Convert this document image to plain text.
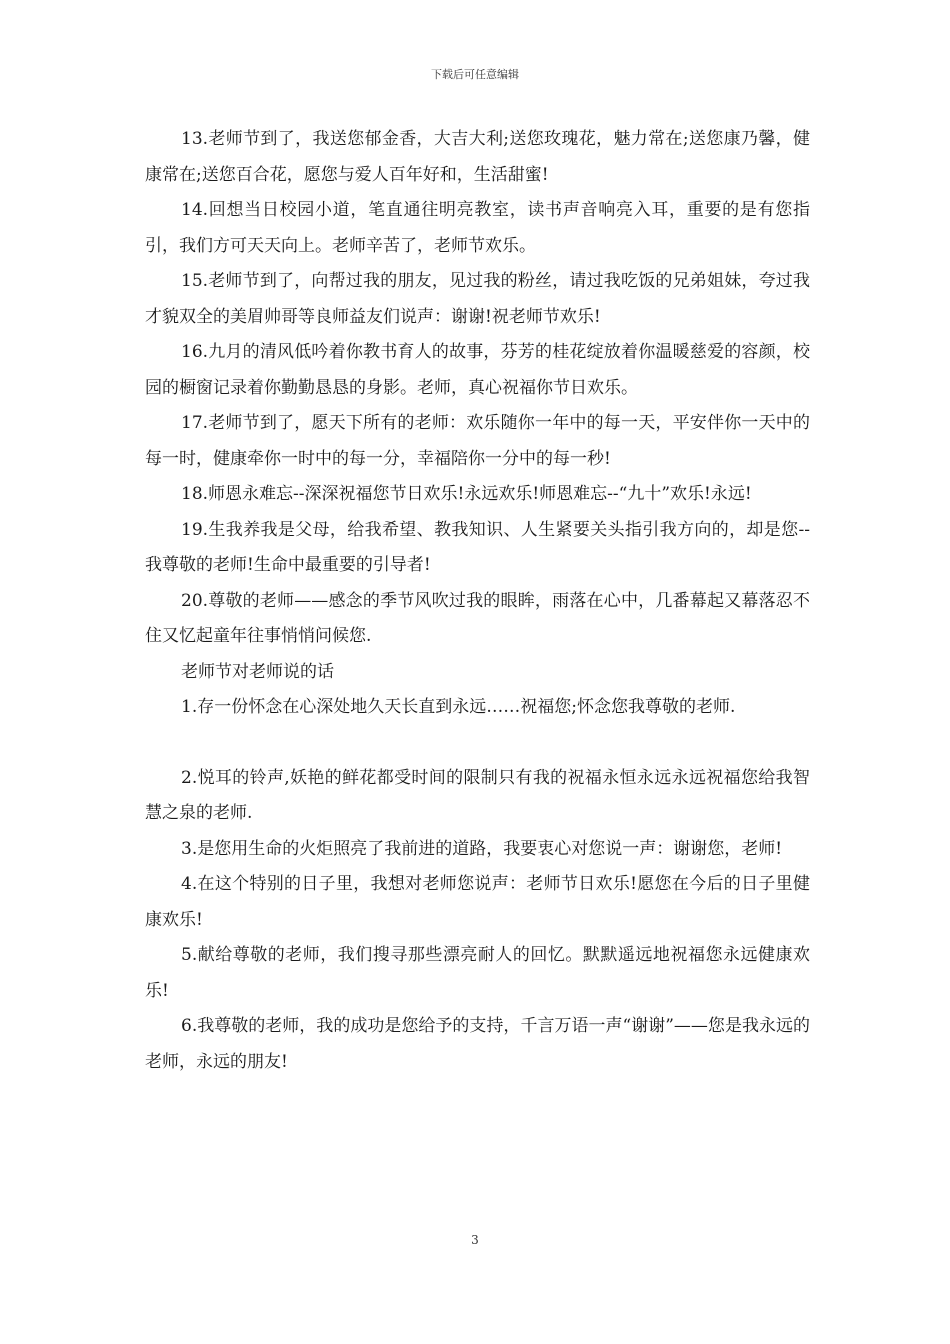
下载后可任意编辑

13.老师节到了，我送您郁金香，大吉大利;送您玫瑰花，魅力常在;送您康乃馨，健康常在;送您百合花，愿您与爱人百年好和，生活甜蜜!

14.回想当日校园小道，笔直通往明亮教室，读书声音响亮入耳，重要的是有您指引，我们方可天天向上。老师辛苦了，老师节欢乐。

15.老师节到了，向帮过我的朋友，见过我的粉丝，请过我吃饭的兄弟姐妹，夸过我才貌双全的美眉帅哥等良师益友们说声：谢谢!祝老师节欢乐!

16.九月的清风低吟着你教书育人的故事，芬芳的桂花绽放着你温暖慈爱的容颜，校园的橱窗记录着你勤勤恳恳的身影。老师，真心祝福你节日欢乐。

17.老师节到了，愿天下所有的老师：欢乐随你一年中的每一天，平安伴你一天中的每一时，健康牵你一时中的每一分，幸福陪你一分中的每一秒!

18.师恩永难忘--深深祝福您节日欢乐!永远欢乐!师恩难忘--“九十”欢乐!永远!

19.生我养我是父母，给我希望、教我知识、人生紧要关头指引我方向的，却是您--我尊敬的老师!生命中最重要的引导者!

20.尊敬的老师——感念的季节风吹过我的眼眸，雨落在心中，几番幕起又幕落忍不住又忆起童年往事悄悄问候您.

老师节对老师说的话

1.存一份怀念在心深处地久天长直到永远……祝福您;怀念您我尊敬的老师.

2.悦耳的铃声,妖艳的鲜花都受时间的限制只有我的祝福永恒永远永远祝福您给我智慧之泉的老师.

3.是您用生命的火炬照亮了我前进的道路，我要衷心对您说一声：谢谢您，老师!

4.在这个特别的日子里，我想对老师您说声：老师节日欢乐!愿您在今后的日子里健康欢乐!

5.献给尊敬的老师，我们搜寻那些漂亮耐人的回忆。默默遥远地祝福您永远健康欢乐!

6.我尊敬的老师，我的成功是您给予的支持，千言万语一声“谢谢”——您是我永远的老师，永远的朋友!

3
